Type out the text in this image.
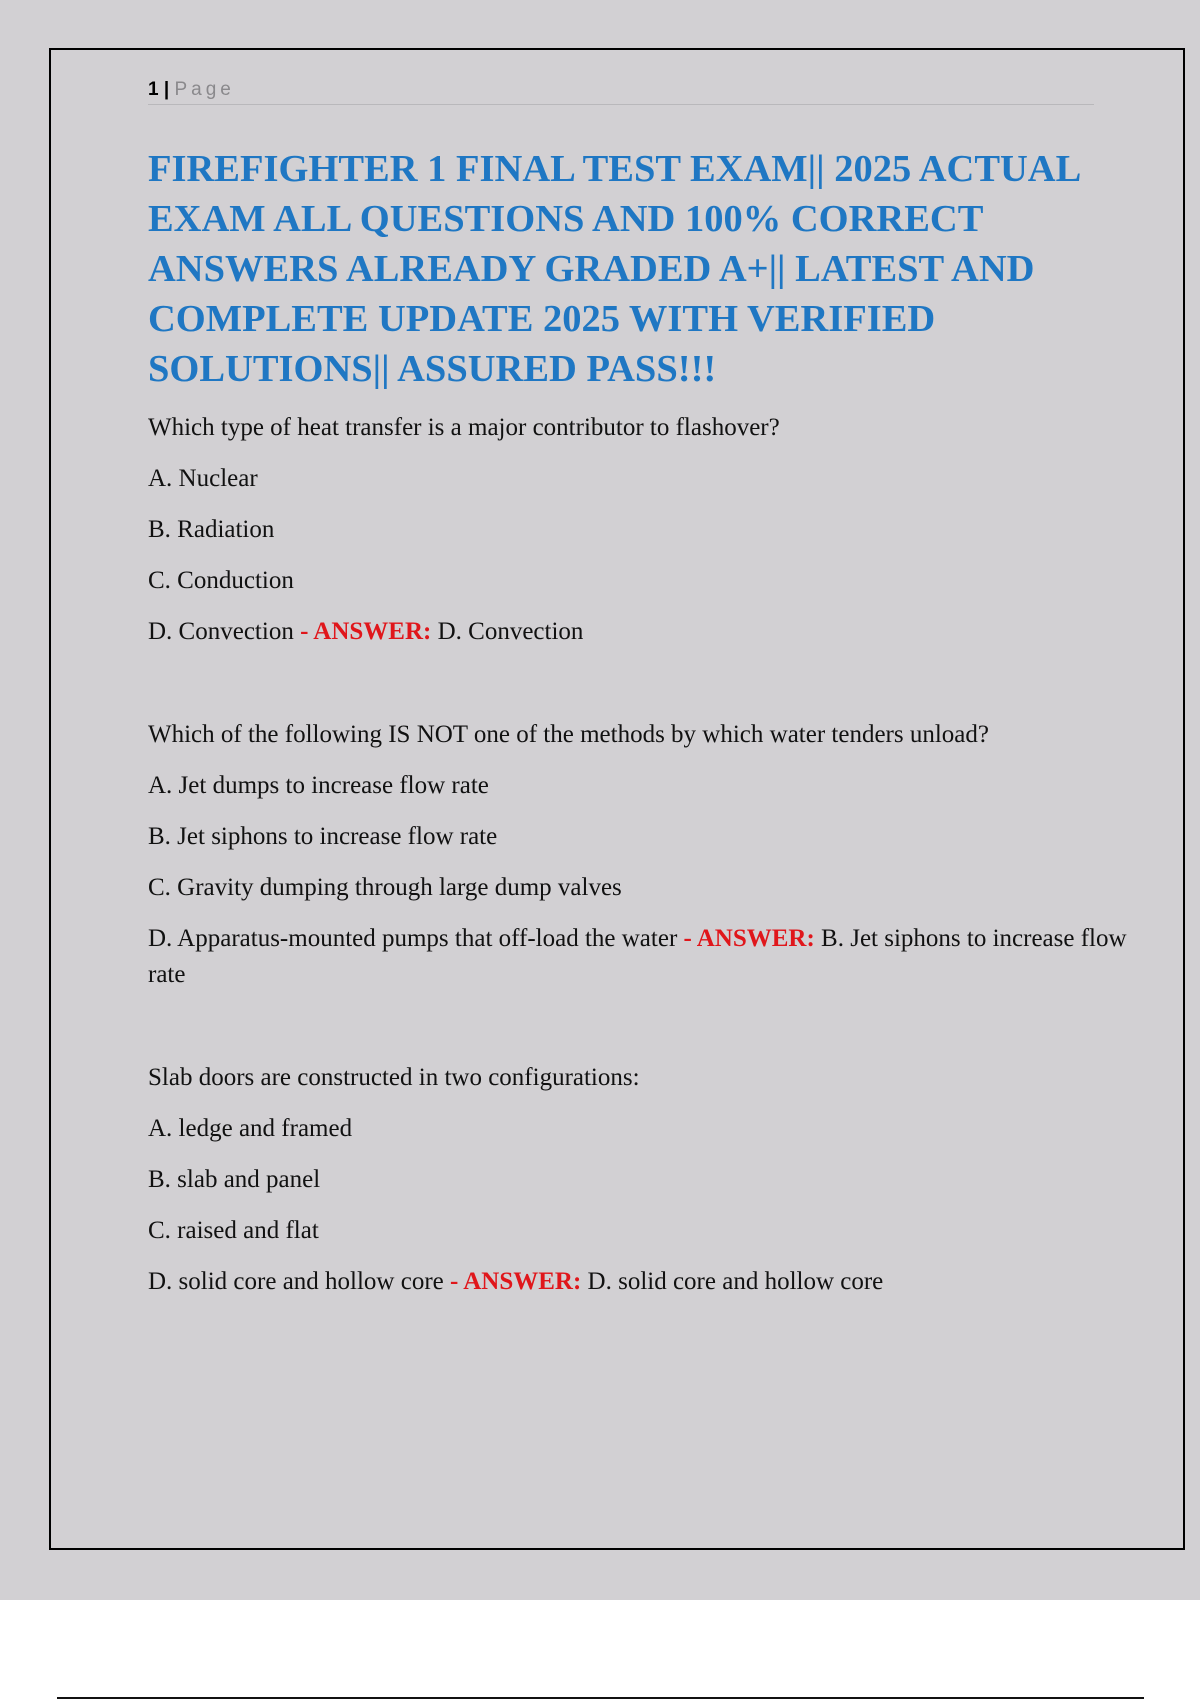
1 | Page
FIREFIGHTER 1 FINAL TEST EXAM|| 2025 ACTUAL EXAM ALL QUESTIONS AND 100% CORRECT ANSWERS ALREADY GRADED A+|| LATEST AND COMPLETE UPDATE 2025 WITH VERIFIED SOLUTIONS|| ASSURED PASS!!!

Which type of heat transfer is a major contributor to flashover?

A. Nuclear

B. Radiation

C. Conduction

D. Convection - ANSWER: D. Convection

Which of the following IS NOT one of the methods by which water tenders unload?

A. Jet dumps to increase flow rate

B. Jet siphons to increase flow rate

C. Gravity dumping through large dump valves

D. Apparatus-mounted pumps that off-load the water - ANSWER: B. Jet siphons to increase flow rate

Slab doors are constructed in two configurations:

A. ledge and framed

B. slab and panel

C. raised and flat

D. solid core and hollow core - ANSWER: D. solid core and hollow core
